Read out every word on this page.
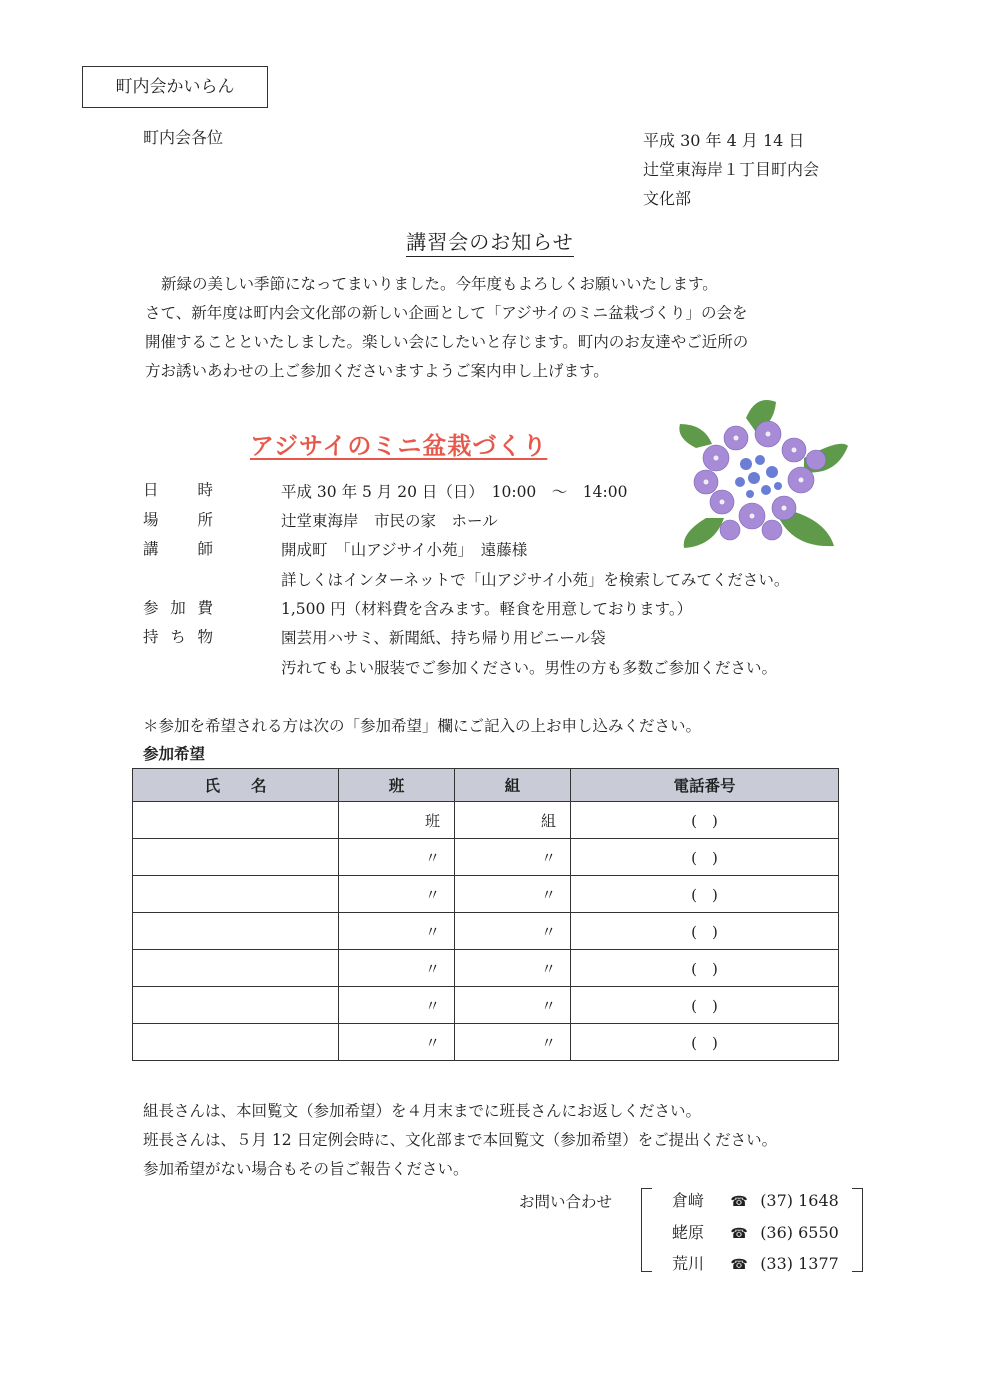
町内会かいらん
町内会各位	平成 30 年 4 月 14 日
辻堂東海岸１丁目町内会
文化部
講習会のお知らせ

新緑の美しい季節になってまいりました。今年度もよろしくお願いいたします。

さて、新年度は町内会文化部の新しい企画として「アジサイのミニ盆栽づくり」の会を

開催することといたしました。楽しい会にしたいと存じます。町内のお友達やご近所の

方お誘いあわせの上ご参加くださいますようご案内申し上げます。

アジサイのミニ盆栽づくり
日	時	平成 30 年 5 月 20 日（日）　10:00　～　14:00
場	所	辻堂東海岸　市民の家　ホール
講	師	開成町　「山アジサイ小苑」　遠藤様
詳しくはインターネットで「山アジサイ小苑」を検索してみてください。
参 加 費	1,500 円（材料費を含みます。軽食を用意しております。）
持 ち 物	園芸用ハサミ、新聞紙、持ち帰り用ビニール袋
汚れてもよい服装でご参加ください。男性の方も多数ご参加ください。
＊参加を希望される方は次の「参加希望」欄にご記入の上お申し込みください。
参加希望
氏　　名	班	組	電話番号
	班	組	(　)
	〃	〃	(　)
	〃	〃	(　)
	〃	〃	(　)
	〃	〃	(　)
	〃	〃	(　)
	〃	〃	(　)

組長さんは、本回覧文（参加希望）を４月末までに班長さんにお返しください。

班長さんは、５月 12 日定例会時に、文化部まで本回覧文（参加希望）をご提出ください。

参加希望がない場合もその旨ご報告ください。

お問い合わせ	倉﨑 ☎ (37) 1648
蛯原 ☎ (36) 6550
荒川 ☎ (33) 1377
